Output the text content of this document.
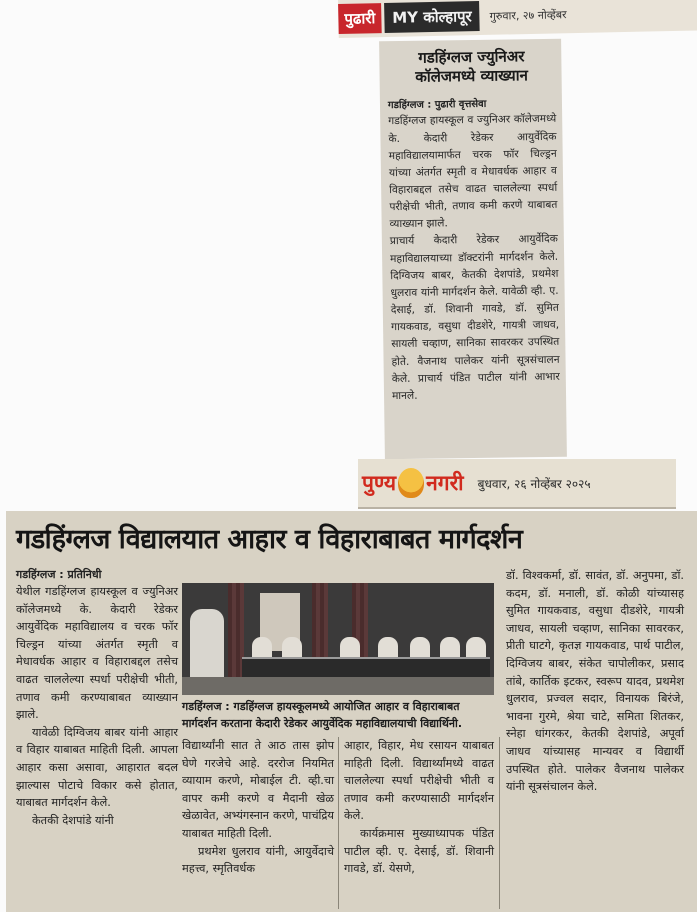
पुढारी	MY कोल्हापूर	गुरुवार, २७ नोव्हेंबर
गडहिंग्लज ज्युनिअर कॉलेजमध्ये व्याख्यान
गडहिंग्लज : पुढारी वृत्तसेवा

गडहिंग्लज हायस्कूल व ज्युनिअर कॉलेजमध्ये के. केदारी रेडेकर आयुर्वेदिक महाविद्यालयामार्फत चरक फॉर चिल्ड्रन यांच्या अंतर्गत स्मृती व मेधावर्धक आहार व विहाराबद्दल तसेच वाढत चाललेल्या स्पर्धा परीक्षेची भीती, तणाव कमी करणे याबाबत व्याख्यान झाले.

प्राचार्य केदारी रेडेकर आयुर्वेदिक महाविद्यालयाच्या डॉक्टरांनी मार्गदर्शन केले. दिग्विजय बाबर, केतकी देशपांडे, प्रथमेश धुलराव यांनी मार्गदर्शन केले. यावेळी व्ही. ए. देसाई, डॉ. शिवानी गावडे, डॉ. सुमित गायकवाड, वसुधा दीडशेरे, गायत्री जाधव, सायली चव्हाण, सानिका सावरकर उपस्थित होते. वैजनाथ पालेकर यांनी सूत्रसंचालन केले. प्राचार्य पंडित पाटील यांनी आभार मानले.

पुण्य नगरी बुधवार, २६ नोव्हेंबर २०२५
गडहिंग्लज विद्यालयात आहार व विहाराबाबत मार्गदर्शन
गडहिंग्लज : प्रतिनिधी

येथील गडहिंग्लज हायस्कूल व ज्युनिअर कॉलेजमध्ये के. केदारी रेडेकर आयुर्वेदिक महाविद्यालय व चरक फॉर चिल्ड्रन यांच्या अंतर्गत स्मृती व मेधावर्धक आहार व विहाराबद्दल तसेच वाढत चाललेल्या स्पर्धा परीक्षेची भीती, तणाव कमी करण्याबाबत व्याख्यान झाले.

यावेळी दिग्विजय बाबर यांनी आहार व विहार याबाबत माहिती दिली. आपला आहार कसा असावा, आहारात बदल झाल्यास पोटाचे विकार कसे होतात, याबाबत मार्गदर्शन केले.

केतकी देशपांडे यांनी

गडहिंग्लज : गडहिंग्लज हायस्कूलमध्ये आयोजित आहार व विहाराबाबत मार्गदर्शन करताना केदारी रेडेकर आयुर्वेदिक महाविद्यालयाची विद्यार्थिनी.

विद्यार्थ्यांनी सात ते आठ तास झोप घेणे गरजेचे आहे. दररोज नियमित व्यायाम करणे, मोबाईल टी. व्ही.चा वापर कमी करणे व मैदानी खेळ खेळावेत, अभ्यंगस्नान करणे, पाचंद्रिय याबाबत माहिती दिली.

प्रथमेश धुलराव यांनी, आयुर्वेदाचे महत्त्व, स्मृतिवर्धक

आहार, विहार, मेध रसायन याबाबत माहिती दिली. विद्यार्थ्यांमध्ये वाढत चाललेल्या स्पर्धा परीक्षेची भीती व तणाव कमी करण्यासाठी मार्गदर्शन केले.

कार्यक्रमास मुख्याध्यापक पंडित पाटील व्ही. ए. देसाई, डॉ. शिवानी गावडे, डॉ. येसणे,

डॉ. विश्वकर्मा, डॉ. सावंत, डॉ. अनुपमा, डॉ. कदम, डॉ. मनाली, डॉ. कोळी यांच्यासह सुमित गायकवाड, वसुधा दीडशेरे, गायत्री जाधव, सायली चव्हाण, सानिका सावरकर, प्रीती घाटगे, कृतज्ञ गायकवाड, पार्थ पाटील, दिग्विजय बाबर, संकेत चापोलीकर, प्रसाद तांबे, कार्तिक इटकर, स्वरूप यादव, प्रथमेश धुलराव, प्रज्वल सदार, विनायक बिरंजे, भावना गुरमे, श्रेया चाटे, समिता शितकर, स्नेहा धांगरकर, केतकी देशपांडे, अपूर्वा जाधव यांच्यासह मान्यवर व विद्यार्थी उपस्थित होते. पालेकर वैजनाथ पालेकर यांनी सूत्रसंचालन केले.
